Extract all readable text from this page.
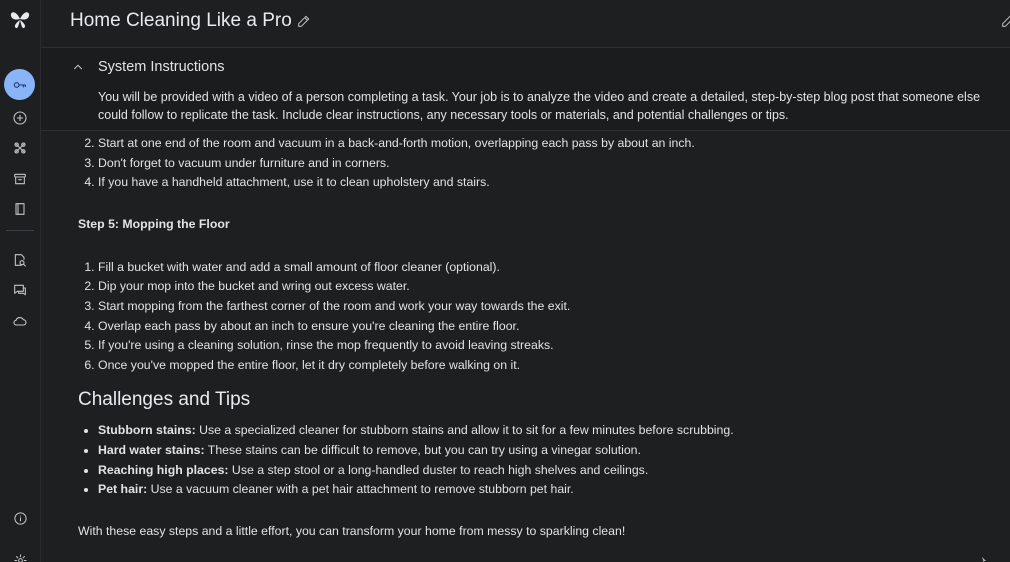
Home Cleaning Like a Pro
System Instructions
You will be provided with a video of a person completing a task. Your job is to analyze the video and create a detailed, step-by-step blog post that someone else could follow to replicate the task. Include clear instructions, any necessary tools or materials, and potential challenges or tips.
2. Start at one end of the room and vacuum in a back-and-forth motion, overlapping each pass by about an inch.
3. Don't forget to vacuum under furniture and in corners.
4. If you have a handheld attachment, use it to clean upholstery and stairs.
Step 5: Mopping the Floor
1. Fill a bucket with water and add a small amount of floor cleaner (optional).
2. Dip your mop into the bucket and wring out excess water.
3. Start mopping from the farthest corner of the room and work your way towards the exit.
4. Overlap each pass by about an inch to ensure you're cleaning the entire floor.
5. If you're using a cleaning solution, rinse the mop frequently to avoid leaving streaks.
6. Once you've mopped the entire floor, let it dry completely before walking on it.
Challenges and Tips
• Stubborn stains: Use a specialized cleaner for stubborn stains and allow it to sit for a few minutes before scrubbing.
• Hard water stains: These stains can be difficult to remove, but you can try using a vinegar solution.
• Reaching high places: Use a step stool or a long-handled duster to reach high shelves and ceilings.
• Pet hair: Use a vacuum cleaner with a pet hair attachment to remove stubborn pet hair.
With these easy steps and a little effort, you can transform your home from messy to sparkling clean!
